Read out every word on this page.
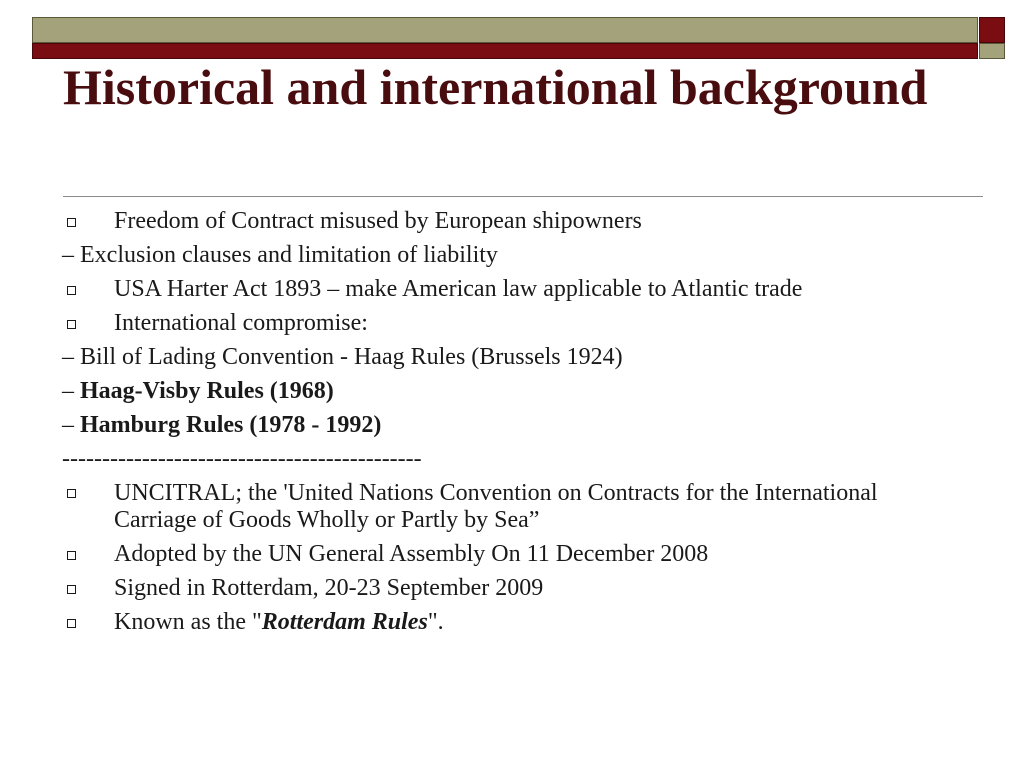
Historical and international background
Freedom of Contract misused by European shipowners
– Exclusion clauses and limitation of liability
USA Harter Act 1893 – make American law applicable to Atlantic trade
International compromise:
– Bill of Lading Convention - Haag Rules (Brussels 1924)
– Haag-Visby Rules (1968)
– Hamburg Rules (1978 - 1992)
---------------------------------------------
UNCITRAL; the 'United Nations Convention on Contracts for the International Carriage of Goods Wholly or Partly by Sea”
Adopted by the UN General Assembly On 11 December 2008
Signed in Rotterdam, 20-23 September 2009
Known as the "Rotterdam Rules".
